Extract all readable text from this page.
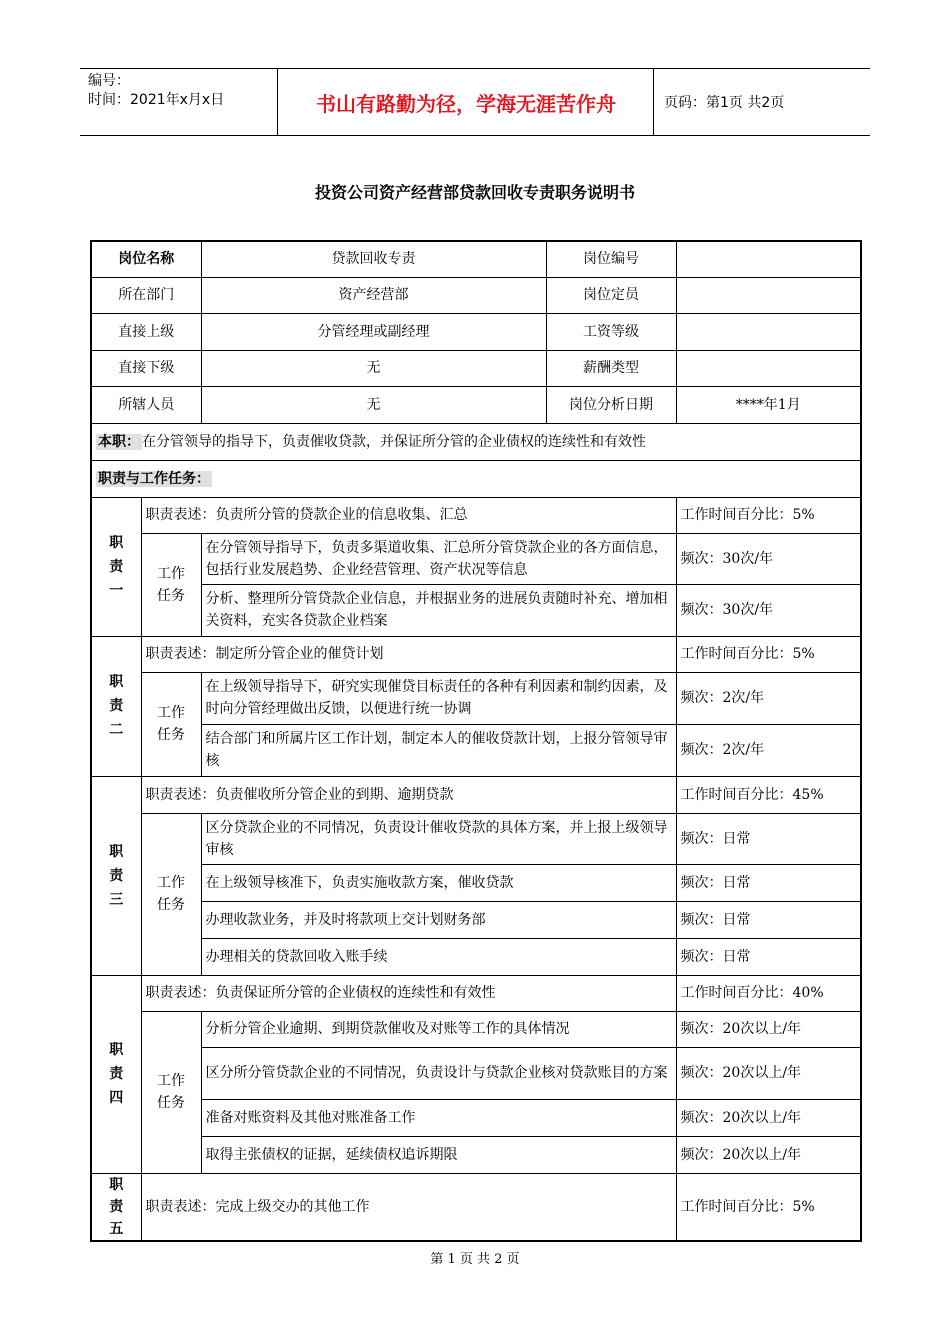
编号：
时间：2021年x月x日	书山有路勤为径，学海无涯苦作舟	页码：第1页 共2页
投资公司资产经营部贷款回收专责职务说明书
岗位名称		贷款回收专责	岗位编号	
所在部门		资产经营部	岗位定员	
直接上级		分管经理或副经理	工资等级	
直接下级		无	薪酬类型	
所辖人员		无	岗位分析日期	****年1月
本职： 在分管领导的指导下，负责催收贷款，并保证所分管的企业债权的连续性和有效性				
职责与工作任务：				

职
责
一	职责表述：负责所分管的贷款企业的信息收集、汇总			工作时间百分比：5%

	工作
任务	在分管领导指导下，负责多渠道收集、汇总所分管贷款企业的各方面信息，包括行业发展趋势、企业经营管理、资产状况等信息		频次：30次/年
		分析、整理所分管贷款企业信息，并根据业务的进展负责随时补充、增加相关资料，充实各贷款企业档案		频次：30次/年

职
责
二	职责表述：制定所分管企业的催贷计划			工作时间百分比：5%

	工作
任务	在上级领导指导下，研究实现催贷目标责任的各种有利因素和制约因素，及时向分管经理做出反馈，以便进行统一协调		频次：2次/年
		结合部门和所属片区工作计划，制定本人的催收贷款计划，上报分管领导审核		频次：2次/年

职
责
三	职责表述：负责催收所分管企业的到期、逾期贷款			工作时间百分比：45%

	工作
任务	区分贷款企业的不同情况，负责设计催收贷款的具体方案，并上报上级领导审核		频次：日常
		在上级领导核准下，负责实施收款方案，催收贷款		频次：日常
		办理收款业务，并及时将款项上交计划财务部		频次：日常
		办理相关的贷款回收入账手续		频次：日常

职
责
四	职责表述：负责保证所分管的企业债权的连续性和有效性			工作时间百分比：40%

	工作
任务	分析分管企业逾期、到期贷款催收及对账等工作的具体情况		频次：20次以上/年
		区分所分管贷款企业的不同情况，负责设计与贷款企业核对贷款账目的方案		频次：20次以上/年
		准备对账资料及其他对账准备工作		频次：20次以上/年
		取得主张债权的证据，延续债权追诉期限		频次：20次以上/年

职
责
五	职责表述：完成上级交办的其他工作			工作时间百分比：5%
第 1 页 共 2 页
